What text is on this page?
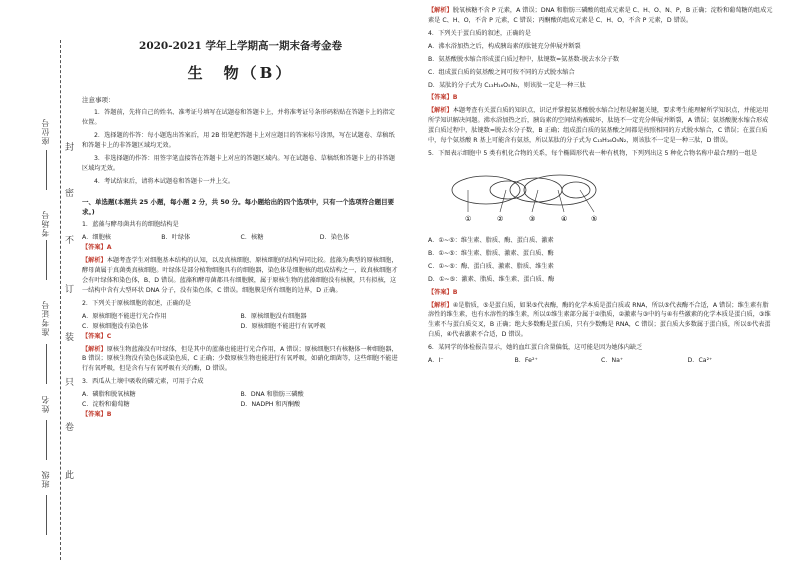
封
密
不
订
装
只
卷
此
座位号
考场号
准考证号
姓名
班级
2020-2021 学年上学期高一期末备考金卷
生　物（B）

注意事项：

1．答题前，先将自己的姓名、准考证号填写在试题卷和答题卡上，并将准考证号条形码粘贴在答题卡上的指定位置。

2．选择题的作答：每小题选出答案后，用 2B 铅笔把答题卡上对应题目的答案标号涂黑，写在试题卷、草稿纸和答题卡上的非答题区域均无效。

3．非选择题的作答：用签字笔直接答在答题卡上对应的答题区域内。写在试题卷、草稿纸和答题卡上的非答题区域均无效。

4．考试结束后，请将本试题卷和答题卡一并上交。

一、单选题(本题共 25 小题，每小题 2 分，共 50 分。每小题给出的四个选项中，只有一个选项符合题目要求。)

1．蓝藻与酵母菌共有的细胞结构是

A．细胞核	B．叶绿体	C．核糖	D．染色体

【答案】A

【解析】本题考查学生对细胞基本结构的认知，以及真核细胞、原核细胞的结构异同比较。蓝藻为典型的原核细胞，酵母菌属于真菌类真核细胞。叶绿体是部分植物细胞具有的细胞器，染色体是细胞核的组成结构之一，故真核细胞才会有叶绿体和染色体，B、D 错误。蓝藻和酵母菌都具有细胞膜，属于原核生物的蓝藻细胞没有核膜，只有拟核，这一结构中含有大型环状 DNA 分子，没有染色体，C 错误。细胞膜是所有细胞的边界，D 正确。

2．下列关于原核细胞的叙述，正确的是

A．原核细胞不能进行光合作用	B．原核细胞没有细胞器
C．原核细胞没有染色体	D．原核细胞不能进行有氧呼吸

【答案】C

【解析】原核生物蓝藻没有叶绿体，但是其中的蓝藻也能进行光合作用，A 错误；原核细胞只有核糖体一种细胞器，B 错误；原核生物没有染色体或染色质，C 正确；少数原核生物也能进行有氧呼吸，如硝化细菌等，这些细胞不能进行有氧呼吸，但是含有与有氧呼吸有关的酶，D 错误。

3．西瓜从土壤中吸收的磷元素，可用于合成

A．磷脂和脱氧核糖	B．DNA 和脂肪三磷酸
C．淀粉和葡萄糖	D．NADPH 和丙酮酸

【答案】B

【解析】脱氧核糖不含 P 元素，A 错误；DNA 和脂肪三磷酸的组成元素是 C、H、O、N、P，B 正确；淀粉和葡萄糖的组成元素是 C、H、O，不含 P 元素，C 错误；丙酮酸的组成元素是 C、H、O，不含 P 元素，D 错误。

4．下列关于蛋白质的叙述，正确的是

A．沸水浴加热之后，构成胰岛素的肽链充分伸展并断裂

B．氨基酸脱水缩合形成蛋白质过程中，肽键数=氨基数-脱去水分子数

C．组成蛋白质的氨基酸之间可按不同的方式脱水缩合

D．某肽的分子式为 C₁₃H₁₆O₅N₂，则该肽一定是一种三肽

【答案】B

【解析】本题考查有关蛋白质的知识点，识记并掌握氨基酸脱水缩合过程是解题关键，要求考生能理解所学知识点，并能运用所学知识解决问题。沸水浴加热之后，胰岛素的空间结构被破坏，肽链不一定充分伸展并断裂，A 错误；氨基酸脱水缩合形成蛋白质过程中，肽键数=脱去水分子数，B 正确；组成蛋白质的氨基酸之间都是按照相同的方式脱水缩合，C 错误；在蛋白质中，每个氨基酸 R 基上可能含有氨基，所以某肽的分子式为 C₁₃H₁₆O₅N₂，则该肽不一定是一种三肽，D 错误。

5．下图表示细胞中 5 类有机化合物的关系，每个椭圆形代表一种有机物，下列列出这 5 种化合物名称中最合理的一组是

①	②	③	④	⑤

A．①~⑤：维生素、脂质、酶、蛋白质、激素

B．①~⑤：维生素、脂质、激素、蛋白质、酶

C．①~⑤：酶、蛋白质、激素、脂质、维生素

D．①~⑤：激素、脂质、维生素、蛋白质、酶

【答案】B

【解析】④是脂质，⑤是蛋白质，如果⑤代表酶，酶的化学本质是蛋白质或 RNA，所以⑤代表酶不合适，A 错误；维生素有脂溶性的维生素，也有水溶性的维生素，所以①维生素部分属于②脂质，②激素与③中的与④有些激素的化学本质是蛋白质，③维生素不与蛋白质交叉，B 正确；绝大多数酶是蛋白质，只有少数酶是 RNA，C 错误；蛋白质大多数属于蛋白质，所以⑤代表蛋白质，④代表激素不合适，D 错误。

6．某同学的体检报告显示，她的血红蛋白含量偏低，这可能是因为她体内缺乏

A．I⁻	B．Fe²⁺	C．Na⁺	D．Ca²⁺
